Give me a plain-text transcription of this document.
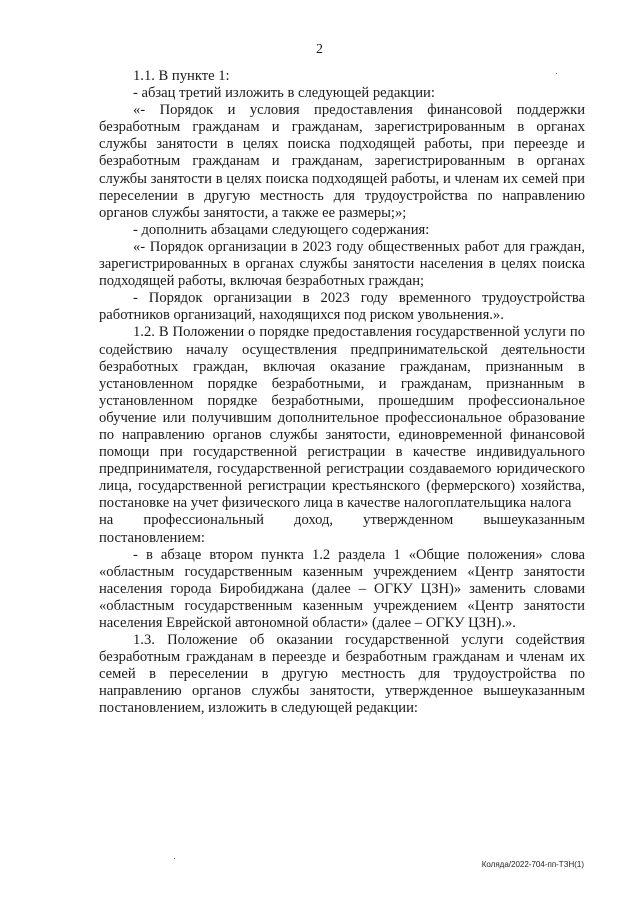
2

1.1. В пункте 1:

- абзац третий изложить в следующей редакции:

«- Порядок и условия предоставления финансовой поддержки безработным гражданам и гражданам, зарегистрированным в органах службы занятости в целях поиска подходящей работы, при переезде и безработным гражданам и гражданам, зарегистрированным в органах службы занятости в целях поиска подходящей работы, и членам их семей при переселении в другую местность для трудоустройства по направлению органов службы занятости, а также ее размеры;»;

- дополнить абзацами следующего содержания:

«- Порядок организации в 2023 году общественных работ для граждан, зарегистрированных в органах службы занятости населения в целях поиска подходящей работы, включая безработных граждан;

- Порядок организации в 2023 году временного трудоустройства работников организаций, находящихся под риском увольнения.».

1.2. В Положении о порядке предоставления государственной услуги по содействию началу осуществления предпринимательской деятельности безработных граждан, включая оказание гражданам, признанным в установленном порядке безработными, и гражданам, признанным в установленном порядке безработными, прошедшим профессиональное обучение или получившим дополнительное профессиональное образование по направлению органов службы занятости, единовременной финансовой помощи при государственной регистрации в качестве индивидуального предпринимателя, государственной регистрации создаваемого юридического лица, государственной регистрации крестьянского (фермерского) хозяйства, постановке на учет физического лица в качестве налогоплательщика налога

на профессиональный доход, утвержденном вышеуказанным

постановлением:

- в абзаце втором пункта 1.2 раздела 1 «Общие положения» слова «областным государственным казенным учреждением «Центр занятости населения города Биробиджана (далее – ОГКУ ЦЗН)» заменить словами «областным государственным казенным учреждением «Центр занятости населения Еврейской автономной области» (далее – ОГКУ ЦЗН).».

1.3. Положение об оказании государственной услуги содействия безработным гражданам в переезде и безработным гражданам и членам их семей в переселении в другую местность для трудоустройства по направлению органов службы занятости, утвержденное вышеуказанным постановлением, изложить в следующей редакции:

Коляда/2022-704-пп-ТЗН(1)
